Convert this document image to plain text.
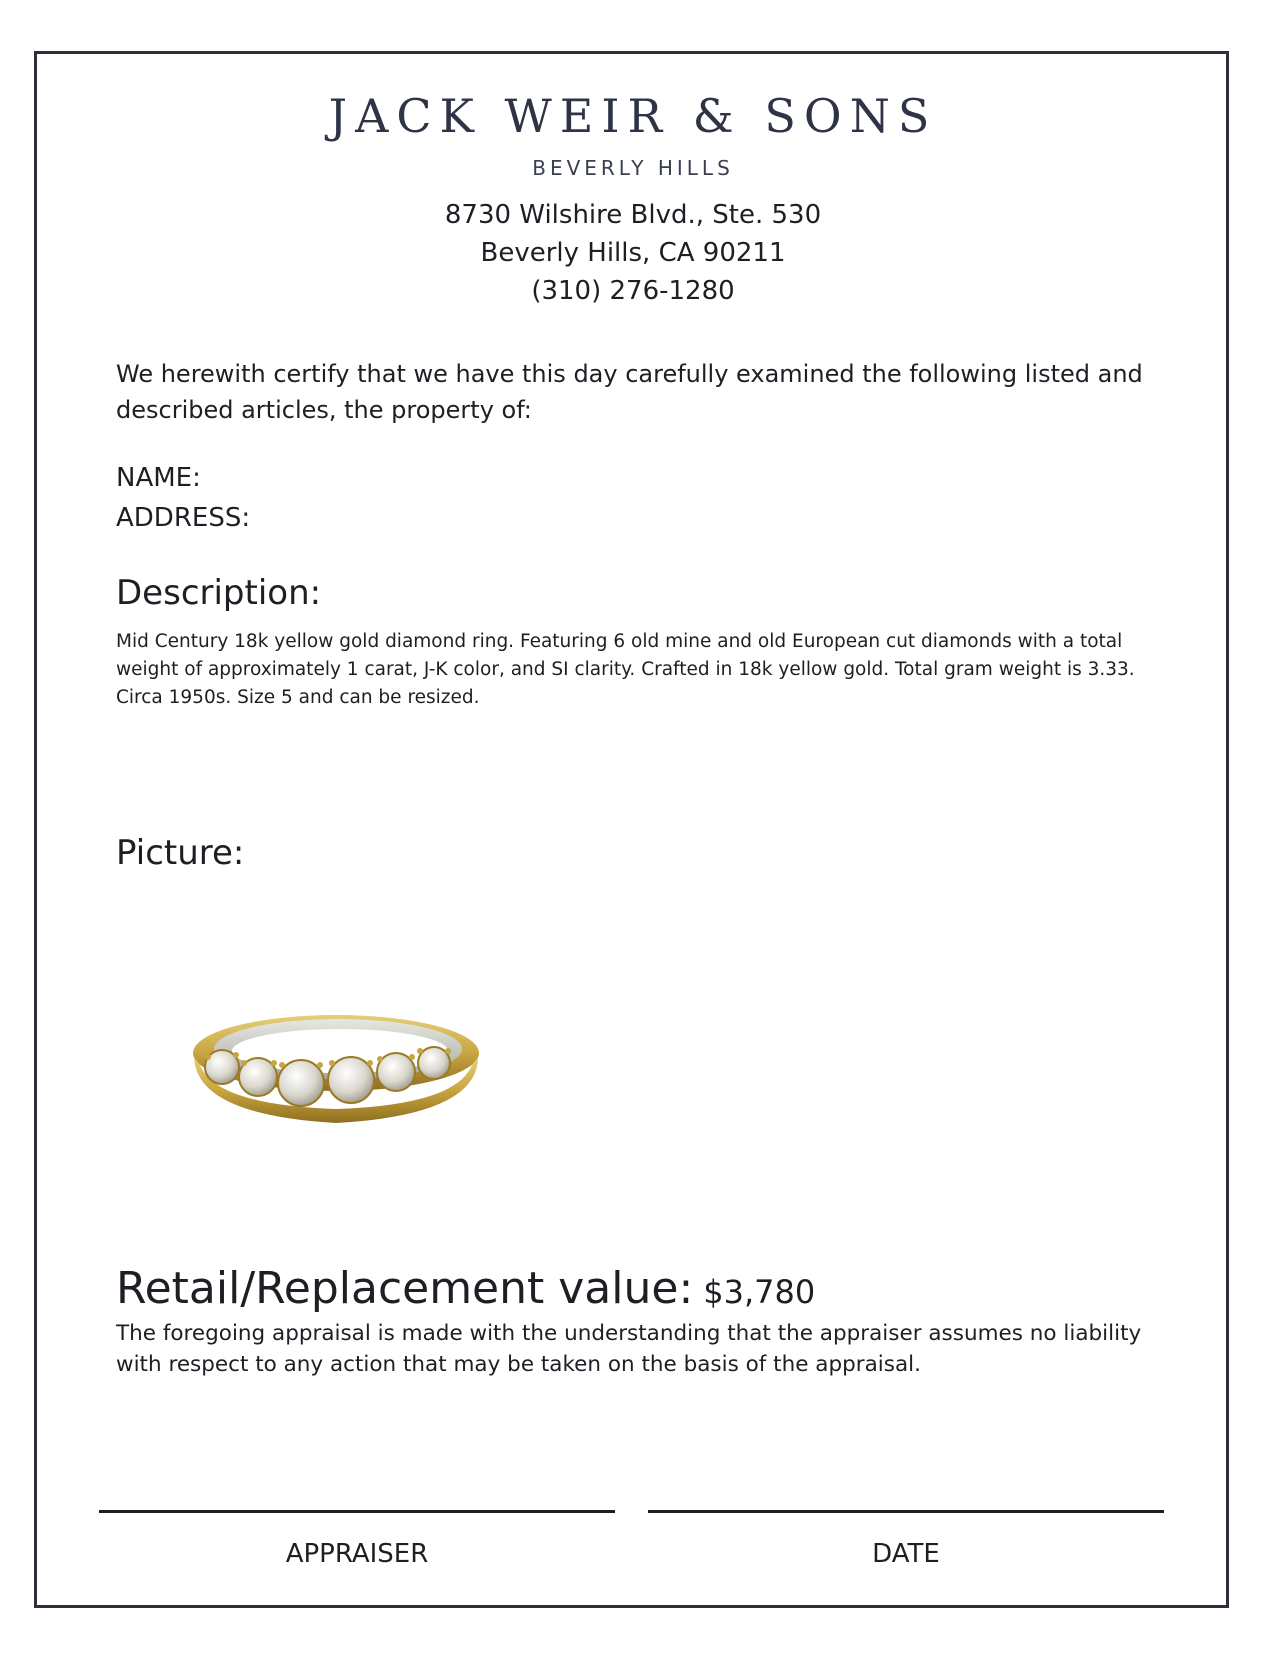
JACK WEIR & SONS
BEVERLY HILLS
8730 Wilshire Blvd., Ste. 530
Beverly Hills, CA 90211
(310) 276-1280
We herewith certify that we have this day carefully examined the following listed and described articles, the property of:
NAME:
ADDRESS:
Description:
Mid Century 18k yellow gold diamond ring. Featuring 6 old mine and old European cut diamonds with a total weight of approximately 1 carat, J-K color, and SI clarity. Crafted in 18k yellow gold. Total gram weight is 3.33. Circa 1950s. Size 5 and can be resized.
Picture:
Retail/Replacement value: $3,780
The foregoing appraisal is made with the understanding that the appraiser assumes no liability with respect to any action that may be taken on the basis of the appraisal.
APPRAISER	DATE
